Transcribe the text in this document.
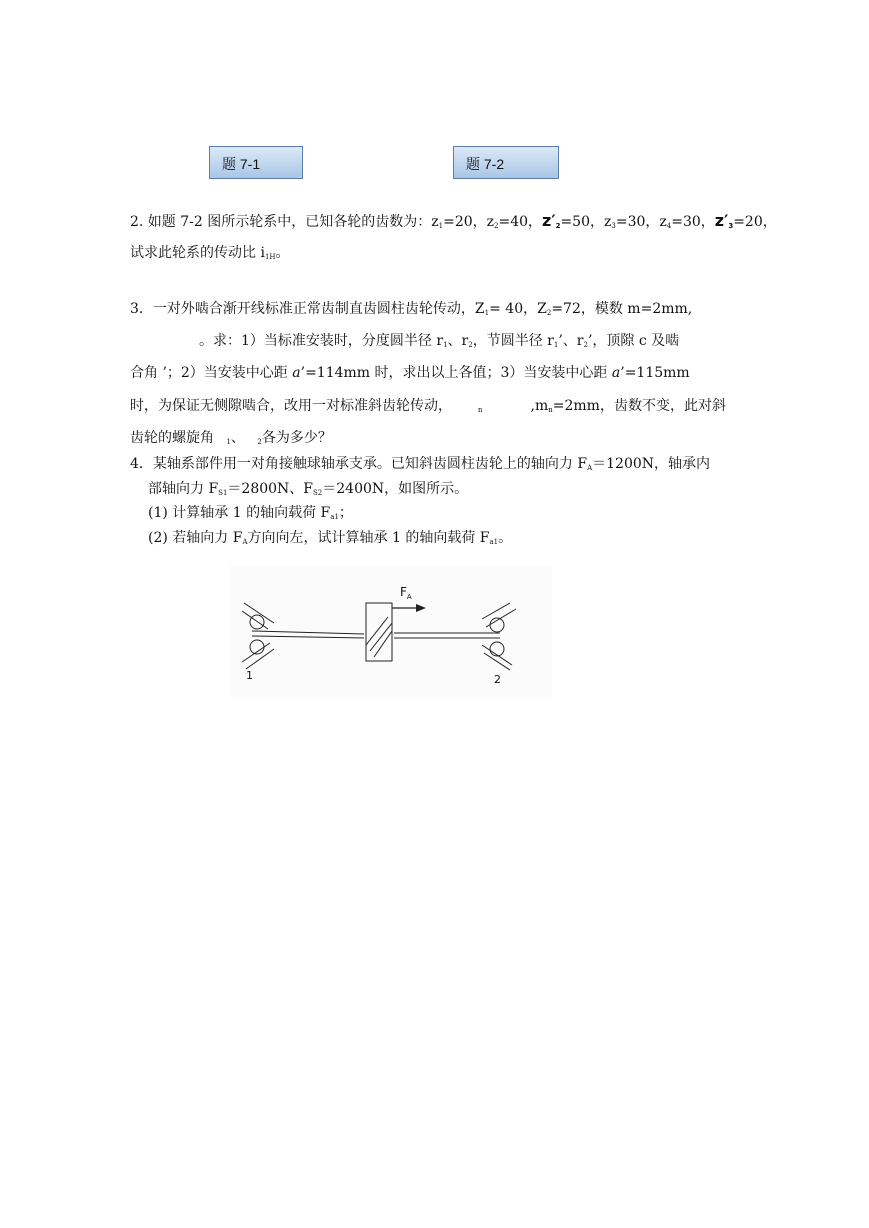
题 7-1	题 7-2
2. 如题 7-2 图所示轮系中，已知各轮的齿数为：$z_1=20$，$z_2=40$，$z'_2=50$，$z_3=30$，$z_4=30$，$z'_3=20$，
试求此轮系的传动比 $i_{1H}$。
3．一对外啮合渐开线标准正常齿制直齿圆柱齿轮传动，$Z_1= 40$，$Z_2=72$，模数 m=2mm,
。求：1）当标准安装时，分度圆半径 $r_1$、$r_2$，节圆半径 $r_1$’、$r_2$’，顶隙 c 及啮
合角 ’；2）当安装中心距 a’=114mm 时，求出以上各值；3）当安装中心距 a’=115mm
时，为保证无侧隙啮合，改用一对标准斜齿轮传动，	$_n$	$,m_n=2mm$，齿数不变，此对斜
齿轮的螺旋角 $_1$、 $_2$各为多少？
4．某轴系部件用一对角接触球轴承支承。已知斜齿圆柱齿轮上的轴向力 $F_A=1200N$，轴承内
部轴向力 $F_{S1}=2800N$、$F_{S2}=2400N$，如图所示。
(1) 计算轴承 1 的轴向载荷 $F_{a1}$；
(2) 若轴向力 $F_A$方向向左，试计算轴承 1 的轴向载荷 $F_{a1}$。
$F_A$
1	2
